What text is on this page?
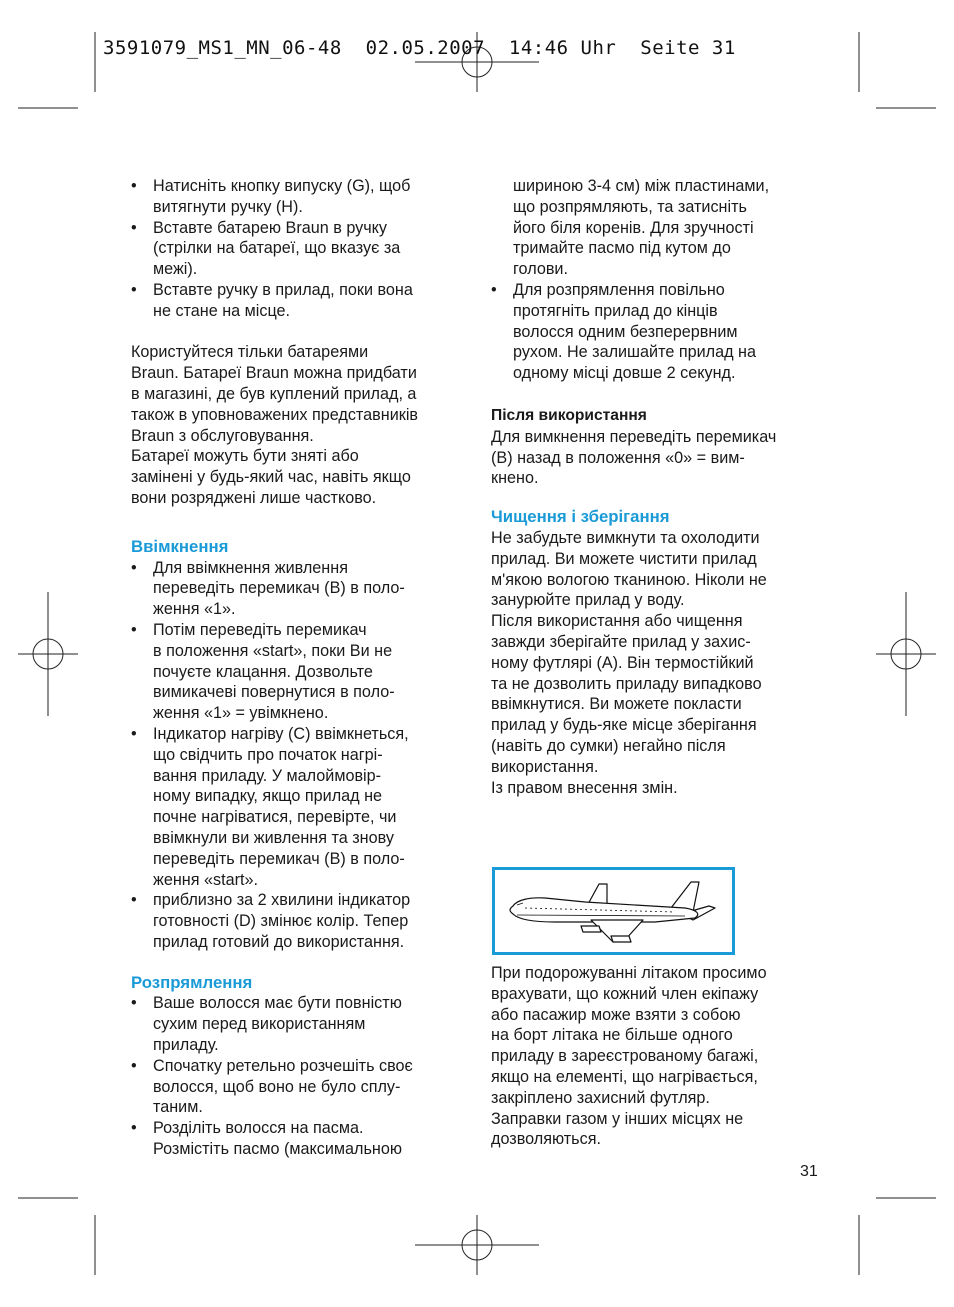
3591079_MS1_MN_06-48  02.05.2007  14:46 Uhr  Seite 31
• Натисніть кнопку випуску (G), щоб
витягнути ручку (H).
• Вставте батарею Braun в ручку
(стрілки на батареї, що вказує за
межі).
• Вставте ручку в прилад, поки вона
не стане на місце.
Користуйтеся тільки батареями
Braun. Батареї Braun можна придбати
в магазині, де був куплений прилад, а
також в уповноважених представників
Braun з обслуговування.
Батареї можуть бути зняті або
замінені у будь-який час, навіть якщо
вони розряджені лише частково.
Ввімкнення
• Для ввімкнення живлення
переведіть перемикач (B) в поло-
ження «1».
• Потім переведіть перемикач
в положення «start», поки Ви не
почуєте клацання. Дозвольте
вимикачеві повернутися в поло-
ження «1» = увімкнено.
• Індикатор нагріву (C) ввімкнеться,
що свідчить про початок нагрі-
вання приладу. У малоймовір-
ному випадку, якщо прилад не
почне нагріватися, перевірте, чи
ввімкнули ви живлення та знову
переведіть перемикач (B) в поло-
ження «start».
• приблизно за 2 хвилини індикатор
готовності (D) змінює колір. Тепер
прилад готовий до використання.
Розпрямлення
• Ваше волосся має бути повністю
сухим перед використанням
приладу.
• Спочатку ретельно розчешіть своє
волосся, щоб воно не було сплу-
таним.
• Розділіть волосся на пасма.
Розмістіть пасмо (максимальною
шириною 3-4 см) між пластинами,
що розпрямляють, та затисніть
його біля коренів. Для зручності
тримайте пасмо під кутом до
голови.
• Для розпрямлення повільно
протягніть прилад до кінців
волосся одним безперервним
рухом. Не залишайте прилад на
одному місці довше 2 секунд.
Після використання
Для вимкнення переведіть перемикач
(B) назад в положення «0» = вим-
кнено.
Чищення і зберігання
Не забудьте вимкнути та охолодити
прилад. Ви можете чистити прилад
м'якою вологою тканиною. Ніколи не
занурюйте прилад у воду.
Після використання або чищення
завжди зберігайте прилад у захис-
ному футлярі (А). Він термостійкий
та не дозволить приладу випадково
ввімкнутися. Ви можете покласти
прилад у будь-яке місце зберігання
(навіть до сумки) негайно після
використання.
Із правом внесення змін.
При подорожуванні літаком просимо
врахувати, що кожний член екіпажу
або пасажир може взяти з собою
на борт літака не більше одного
приладу в зареєстрованому багажі,
якщо на елементі, що нагрівається,
закріплено захисний футляр.
Заправки газом у інших місцях не
дозволяються.
31
